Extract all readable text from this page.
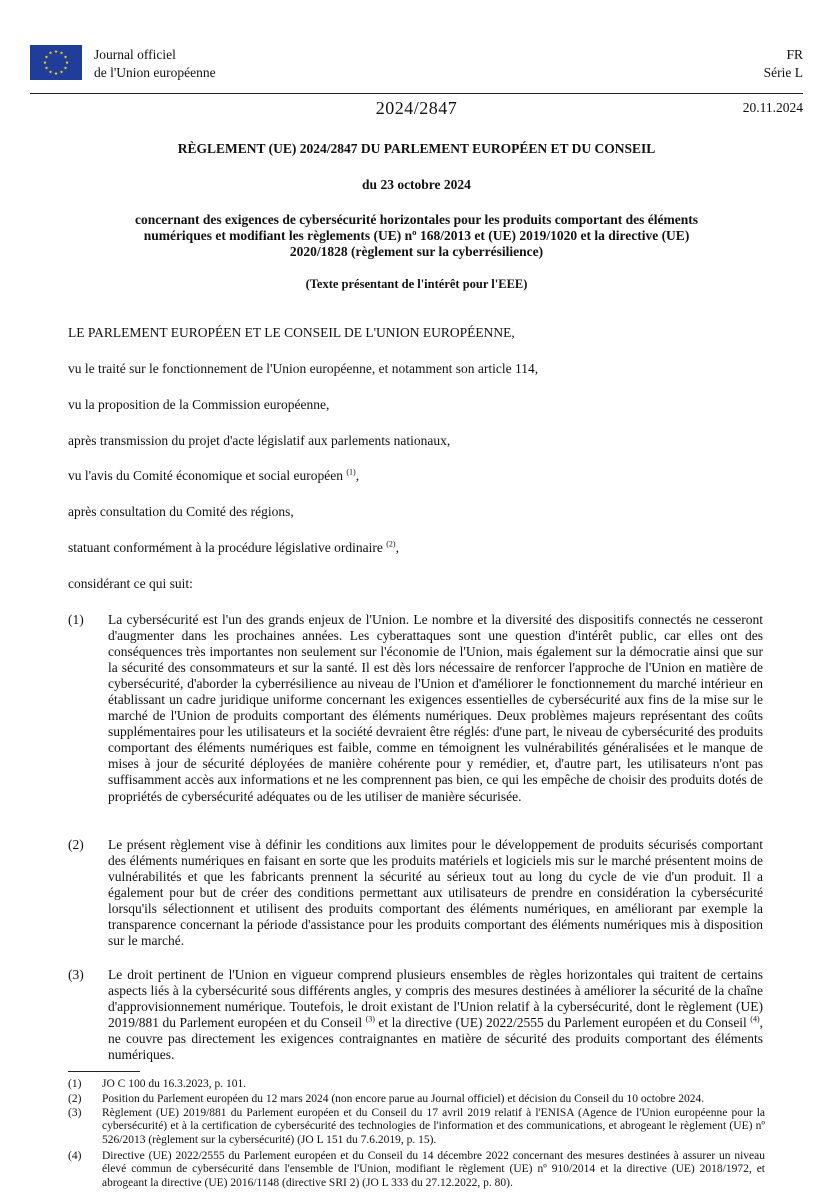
Journal officiel
de l'Union européenne
FR
Série L
2024/2847	20.11.2024
RÈGLEMENT (UE) 2024/2847 DU PARLEMENT EUROPÉEN ET DU CONSEIL
du 23 octobre 2024
concernant des exigences de cybersécurité horizontales pour les produits comportant des éléments
numériques et modifiant les règlements (UE) nº 168/2013 et (UE) 2019/1020 et la directive (UE)
2020/1828 (règlement sur la cyberrésilience)
(Texte présentant de l'intérêt pour l'EEE)
LE PARLEMENT EUROPÉEN ET LE CONSEIL DE L'UNION EUROPÉENNE,
vu le traité sur le fonctionnement de l'Union européenne, et notamment son article 114,
vu la proposition de la Commission européenne,
après transmission du projet d'acte législatif aux parlements nationaux,
vu l'avis du Comité économique et social européen $^{(1)}$,
après consultation du Comité des régions,
statuant conformément à la procédure législative ordinaire $^{(2)}$,
considérant ce qui suit:
(1)	La cybersécurité est l'un des grands enjeux de l'Union. Le nombre et la diversité des dispositifs connectés ne cesseront d'augmenter dans les prochaines années. Les cyberattaques sont une question d'intérêt public, car elles ont des conséquences très importantes non seulement sur l'économie de l'Union, mais également sur la démocratie ainsi que sur la sécurité des consommateurs et sur la santé. Il est dès lors nécessaire de renforcer l'approche de l'Union en matière de cybersécurité, d'aborder la cyberrésilience au niveau de l'Union et d'améliorer le fonctionnement du marché intérieur en établissant un cadre juridique uniforme concernant les exigences essentielles de cybersécurité aux fins de la mise sur le marché de l'Union de produits comportant des éléments numériques. Deux problèmes majeurs représentant des coûts supplémentaires pour les utilisateurs et la société devraient être réglés: d'une part, le niveau de cybersécurité des produits comportant des éléments numériques est faible, comme en témoignent les vulnérabilités généralisées et le manque de mises à jour de sécurité déployées de manière cohérente pour y remédier, et, d'autre part, les utilisateurs n'ont pas suffisamment accès aux informations et ne les comprennent pas bien, ce qui les empêche de choisir des produits dotés de propriétés de cybersécurité adéquates ou de les utiliser de manière sécurisée.
(2)	Le présent règlement vise à définir les conditions aux limites pour le développement de produits sécurisés comportant des éléments numériques en faisant en sorte que les produits matériels et logiciels mis sur le marché présentent moins de vulnérabilités et que les fabricants prennent la sécurité au sérieux tout au long du cycle de vie d'un produit. Il a également pour but de créer des conditions permettant aux utilisateurs de prendre en considération la cybersécurité lorsqu'ils sélectionnent et utilisent des produits comportant des éléments numériques, en améliorant par exemple la transparence concernant la période d'assistance pour les produits comportant des éléments numériques mis à disposition sur le marché.
(3)	Le droit pertinent de l'Union en vigueur comprend plusieurs ensembles de règles horizontales qui traitent de certains aspects liés à la cybersécurité sous différents angles, y compris des mesures destinées à améliorer la sécurité de la chaîne d'approvisionnement numérique. Toutefois, le droit existant de l'Union relatif à la cybersécurité, dont le règlement (UE) 2019/881 du Parlement européen et du Conseil $^{(3)}$ et la directive (UE) 2022/2555 du Parlement européen et du Conseil $^{(4)}$, ne couvre pas directement les exigences contraignantes en matière de sécurité des produits comportant des éléments numériques.
(1)	JO C 100 du 16.3.2023, p. 101.
(2)	Position du Parlement européen du 12 mars 2024 (non encore parue au Journal officiel) et décision du Conseil du 10 octobre 2024.
(3)	Règlement (UE) 2019/881 du Parlement européen et du Conseil du 17 avril 2019 relatif à l'ENISA (Agence de l'Union européenne pour la cybersécurité) et à la certification de cybersécurité des technologies de l'information et des communications, et abrogeant le règlement (UE) nº 526/2013 (règlement sur la cybersécurité) (JO L 151 du 7.6.2019, p. 15).
(4)	Directive (UE) 2022/2555 du Parlement européen et du Conseil du 14 décembre 2022 concernant des mesures destinées à assurer un niveau élevé commun de cybersécurité dans l'ensemble de l'Union, modifiant le règlement (UE) nº 910/2014 et la directive (UE) 2018/1972, et abrogeant la directive (UE) 2016/1148 (directive SRI 2) (JO L 333 du 27.12.2022, p. 80).
